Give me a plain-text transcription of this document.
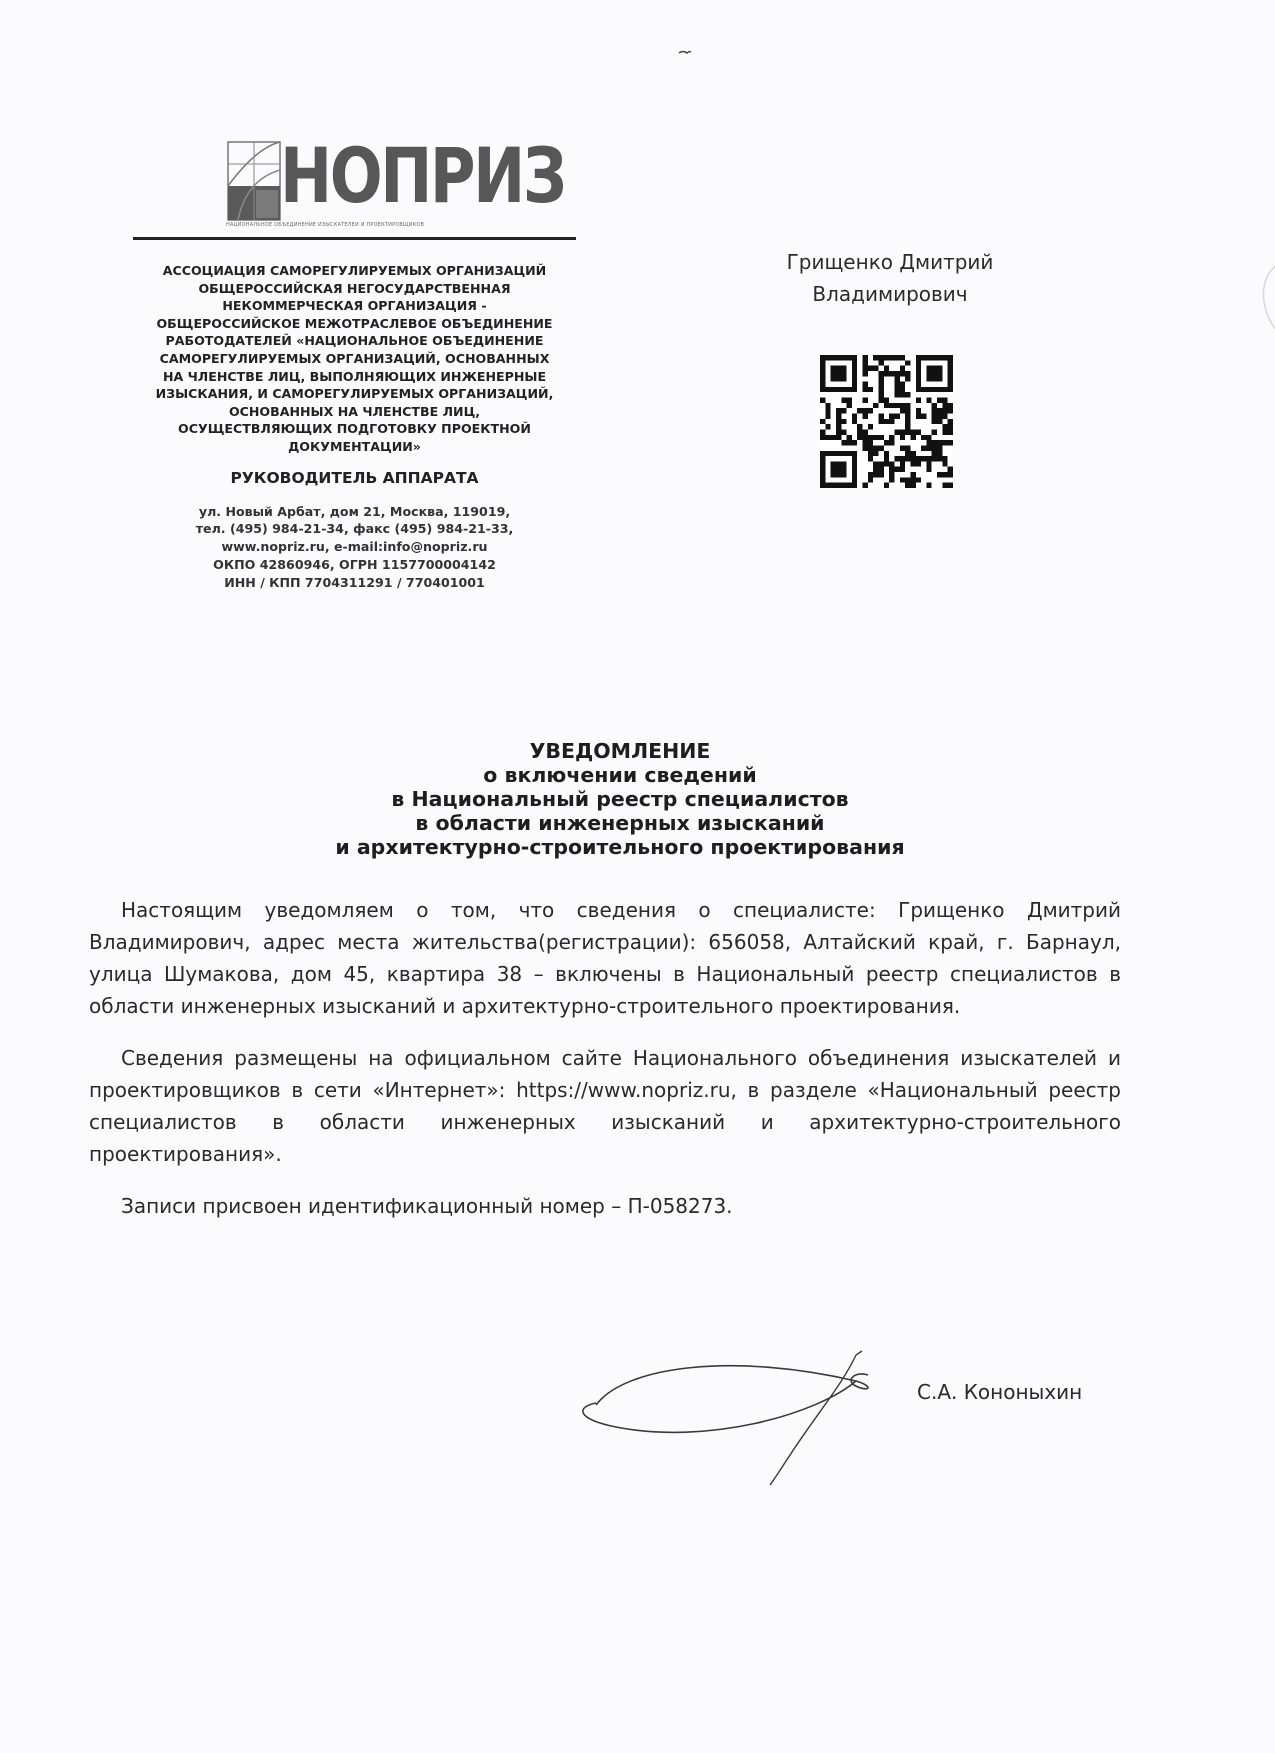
НОПРИЗ
НАЦИОНАЛЬНОЕ ОБЪЕДИНЕНИЕ ИЗЫСКАТЕЛЕЙ И ПРОЕКТИРОВЩИКОВ
АССОЦИАЦИЯ САМОРЕГУЛИРУЕМЫХ ОРГАНИЗАЦИЙ
ОБЩЕРОССИЙСКАЯ НЕГОСУДАРСТВЕННАЯ
НЕКОММЕРЧЕСКАЯ ОРГАНИЗАЦИЯ -
ОБЩЕРОССИЙСКОЕ МЕЖОТРАСЛЕВОЕ ОБЪЕДИНЕНИЕ
РАБОТОДАТЕЛЕЙ «НАЦИОНАЛЬНОЕ ОБЪЕДИНЕНИЕ
САМОРЕГУЛИРУЕМЫХ ОРГАНИЗАЦИЙ, ОСНОВАННЫХ
НА ЧЛЕНСТВЕ ЛИЦ, ВЫПОЛНЯЮЩИХ ИНЖЕНЕРНЫЕ
ИЗЫСКАНИЯ, И САМОРЕГУЛИРУЕМЫХ ОРГАНИЗАЦИЙ,
ОСНОВАННЫХ НА ЧЛЕНСТВЕ ЛИЦ,
ОСУЩЕСТВЛЯЮЩИХ ПОДГОТОВКУ ПРОЕКТНОЙ
ДОКУМЕНТАЦИИ»
РУКОВОДИТЕЛЬ АППАРАТА
ул. Новый Арбат, дом 21, Москва, 119019,
тел. (495) 984-21-34, факс (495) 984-21-33,
www.nopriz.ru, e-mail:info@nopriz.ru
ОКПО 42860946, ОГРН 1157700004142
ИНН / КПП 7704311291 / 770401001
Грищенко Дмитрий
Владимирович
УВЕДОМЛЕНИЕ
о включении сведений
в Национальный реестр специалистов
в области инженерных изысканий
и архитектурно-строительного проектирования

Настоящим уведомляем о том, что сведения о специалисте: Грищенко Дмитрий Владимирович, адрес места жительства(регистрации): 656058, Алтайский край, г. Барнаул, улица Шумакова, дом 45, квартира 38 – включены в Национальный реестр специалистов в области инженерных изысканий и архитектурно-строительного проектирования.

Сведения размещены на официальном сайте Национального объединения изыскателей и проектировщиков в сети «Интернет»: https://www.nopriz.ru, в разделе «Национальный реестр специалистов в области инженерных изысканий и архитектурно-строительного проектирования».

Записи присвоен идентификационный номер – П-058273.

С.А. Кононыхин
